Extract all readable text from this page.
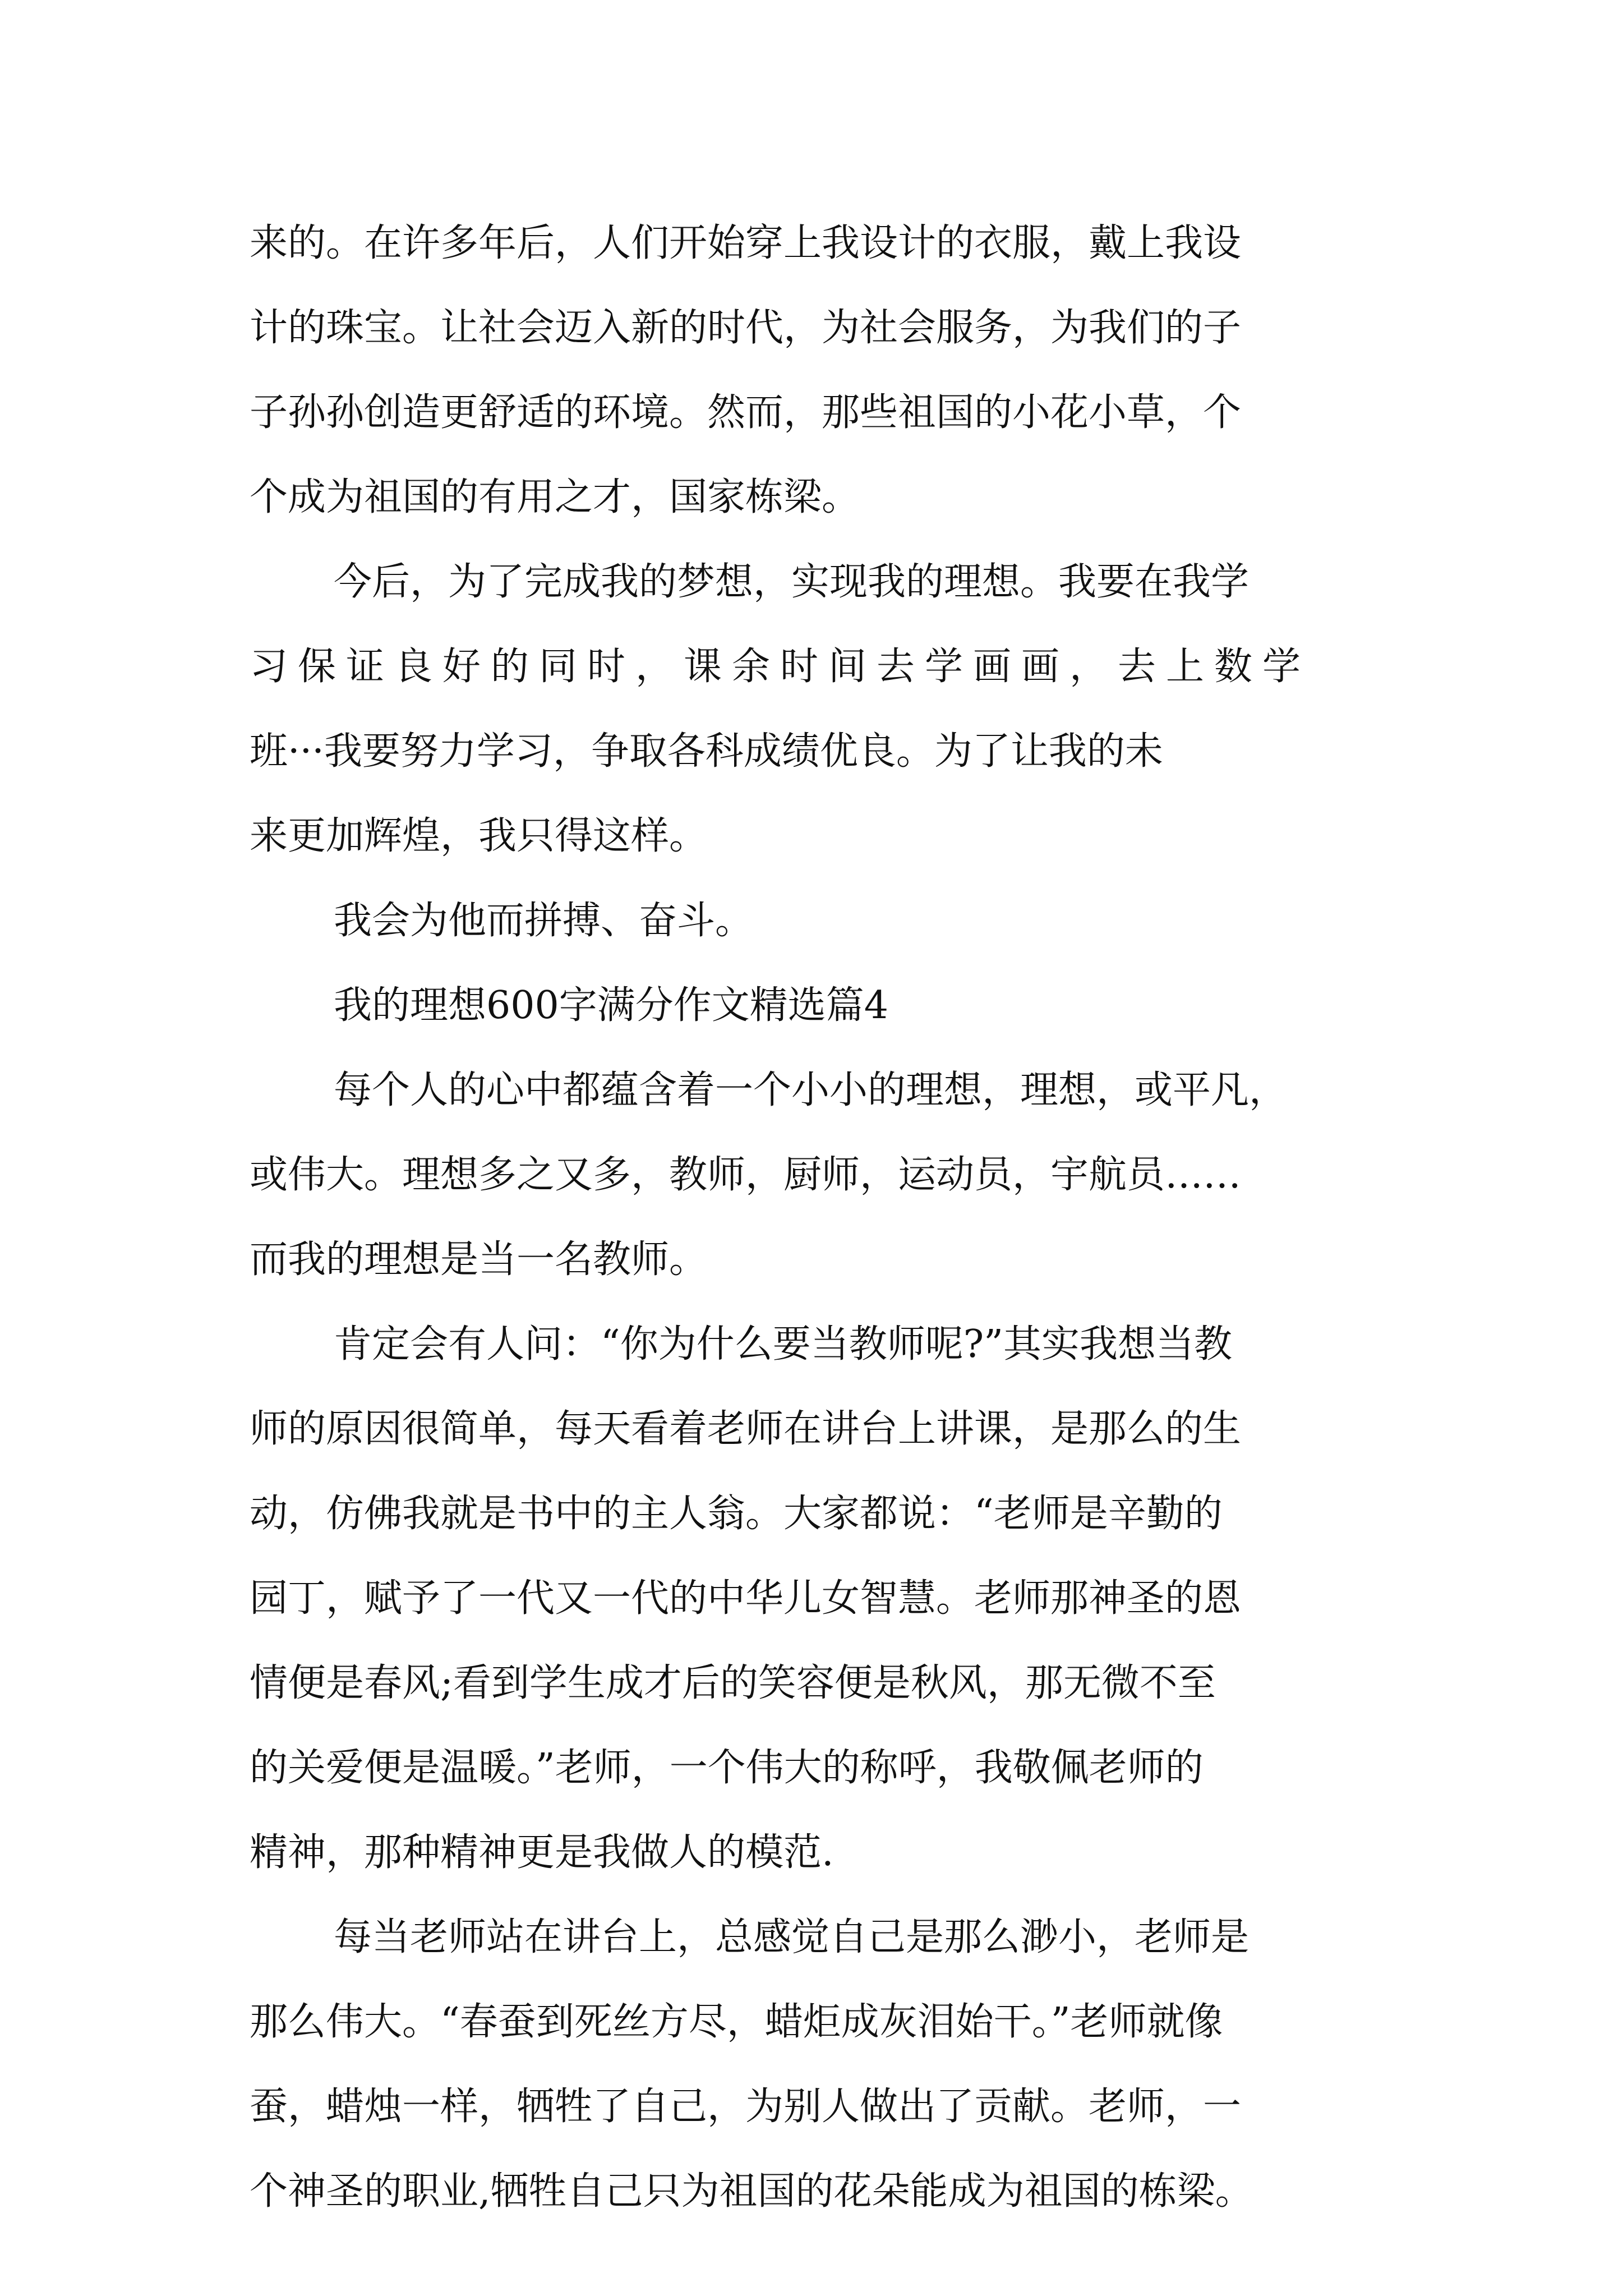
来的。在许多年后，人们开始穿上我设计的衣服，戴上我设
计的珠宝。让社会迈入新的时代，为社会服务，为我们的子
子孙孙创造更舒适的环境。然而，那些祖国的小花小草，个
个成为祖国的有用之才，国家栋梁。
今后，为了完成我的梦想，实现我的理想。我要在我学
习保证良好的同时，课余时间去学画画，去上数学
班···我要努力学习，争取各科成绩优良。为了让我的未
来更加辉煌，我只得这样。
我会为他而拼搏、奋斗。
我的理想600字满分作文精选篇4
每个人的心中都蕴含着一个小小的理想，理想，或平凡，
或伟大。理想多之又多，教师，厨师，运动员，宇航员……
而我的理想是当一名教师。
肯定会有人问：“你为什么要当教师呢?”其实我想当教
师的原因很简单，每天看着老师在讲台上讲课，是那么的生
动，仿佛我就是书中的主人翁。大家都说：“老师是辛勤的
园丁，赋予了一代又一代的中华儿女智慧。老师那神圣的恩
情便是春风;看到学生成才后的笑容便是秋风，那无微不至
的关爱便是温暖。”老师，一个伟大的称呼，我敬佩老师的
精神，那种精神更是我做人的模范.
每当老师站在讲台上，总感觉自己是那么渺小，老师是
那么伟大。“春蚕到死丝方尽，蜡炬成灰泪始干。”老师就像
蚕，蜡烛一样，牺牲了自己，为别人做出了贡献。老师，一
个神圣的职业,牺牲自己只为祖国的花朵能成为祖国的栋梁。
